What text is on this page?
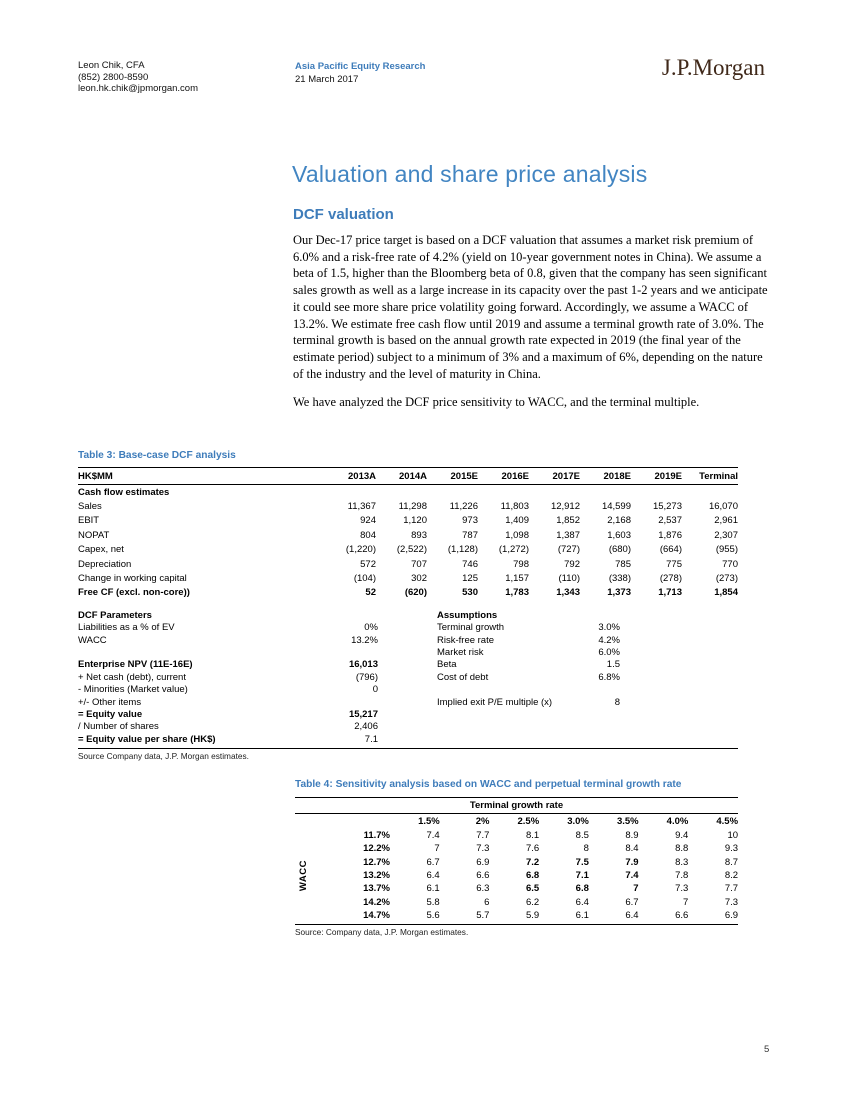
Leon Chik, CFA
(852) 2800-8590
leon.hk.chik@jpmorgan.com
Asia Pacific Equity Research
21 March 2017	J.P.Morgan
Valuation and share price analysis
DCF valuation

Our Dec-17 price target is based on a DCF valuation that assumes a market risk premium of 6.0% and a risk-free rate of 4.2% (yield on 10-year government notes in China). We assume a beta of 1.5, higher than the Bloomberg beta of 0.8, given that the company has seen significant sales growth as well as a large increase in its capacity over the past 1-2 years and we anticipate it could see more share price volatility going forward. Accordingly, we assume a WACC of 13.2%. We estimate free cash flow until 2019 and assume a terminal growth rate of 3.0%. The terminal growth is based on the annual growth rate expected in 2019 (the final year of the estimate period) subject to a minimum of 3% and a maximum of 6%, depending on the nature of the industry and the level of maturity in China.

We have analyzed the DCF price sensitivity to WACC, and the terminal multiple.

Table 3: Base-case DCF analysis
HK$MM	2013A	2014A	2015E	2016E	2017E	2018E	2019E	Terminal
Cash flow estimates
Sales	11,367	11,298	11,226	11,803	12,912	14,599	15,273	16,070
EBIT	924	1,120	973	1,409	1,852	2,168	2,537	2,961
NOPAT	804	893	787	1,098	1,387	1,603	1,876	2,307
Capex, net	(1,220)	(2,522)	(1,128)	(1,272)	(727)	(680)	(664)	(955)
Depreciation	572	707	746	798	792	785	775	770
Change in working capital	(104)	302	125	1,157	(110)	(338)	(278)	(273)
Free CF (excl. non-core))	52	(620)	530	1,783	1,343	1,373	1,713	1,854
DCF Parameters	Assumptions
Liabilities as a % of EV	0%	Terminal growth	3.0%
WACC	13.2%	Risk-free rate	4.2%
Market risk	6.0%
Enterprise NPV (11E-16E)	16,013	Beta	1.5
+ Net cash (debt), current	(796)	Cost of debt	6.8%
- Minorities (Market value)	0
+/- Other items	Implied exit P/E multiple (x)	8
= Equity value	15,217
/ Number of shares	2,406
= Equity value per share (HK$)	7.1
Source Company data, J.P. Morgan estimates.
Table 4: Sensitivity analysis based on WACC and perpetual terminal growth rate
WACC
Terminal growth rate
1.5%	2%	2.5%	3.0%	3.5%	4.0%	4.5%
11.7%	7.4	7.7	8.1	8.5	8.9	9.4	10
12.2%	7	7.3	7.6	8	8.4	8.8	9.3
12.7%	6.7	6.9	7.2	7.5	7.9	8.3	8.7
13.2%	6.4	6.6	6.8	7.1	7.4	7.8	8.2
13.7%	6.1	6.3	6.5	6.8	7	7.3	7.7
14.2%	5.8	6	6.2	6.4	6.7	7	7.3
14.7%	5.6	5.7	5.9	6.1	6.4	6.6	6.9
Source: Company data, J.P. Morgan estimates.
5
